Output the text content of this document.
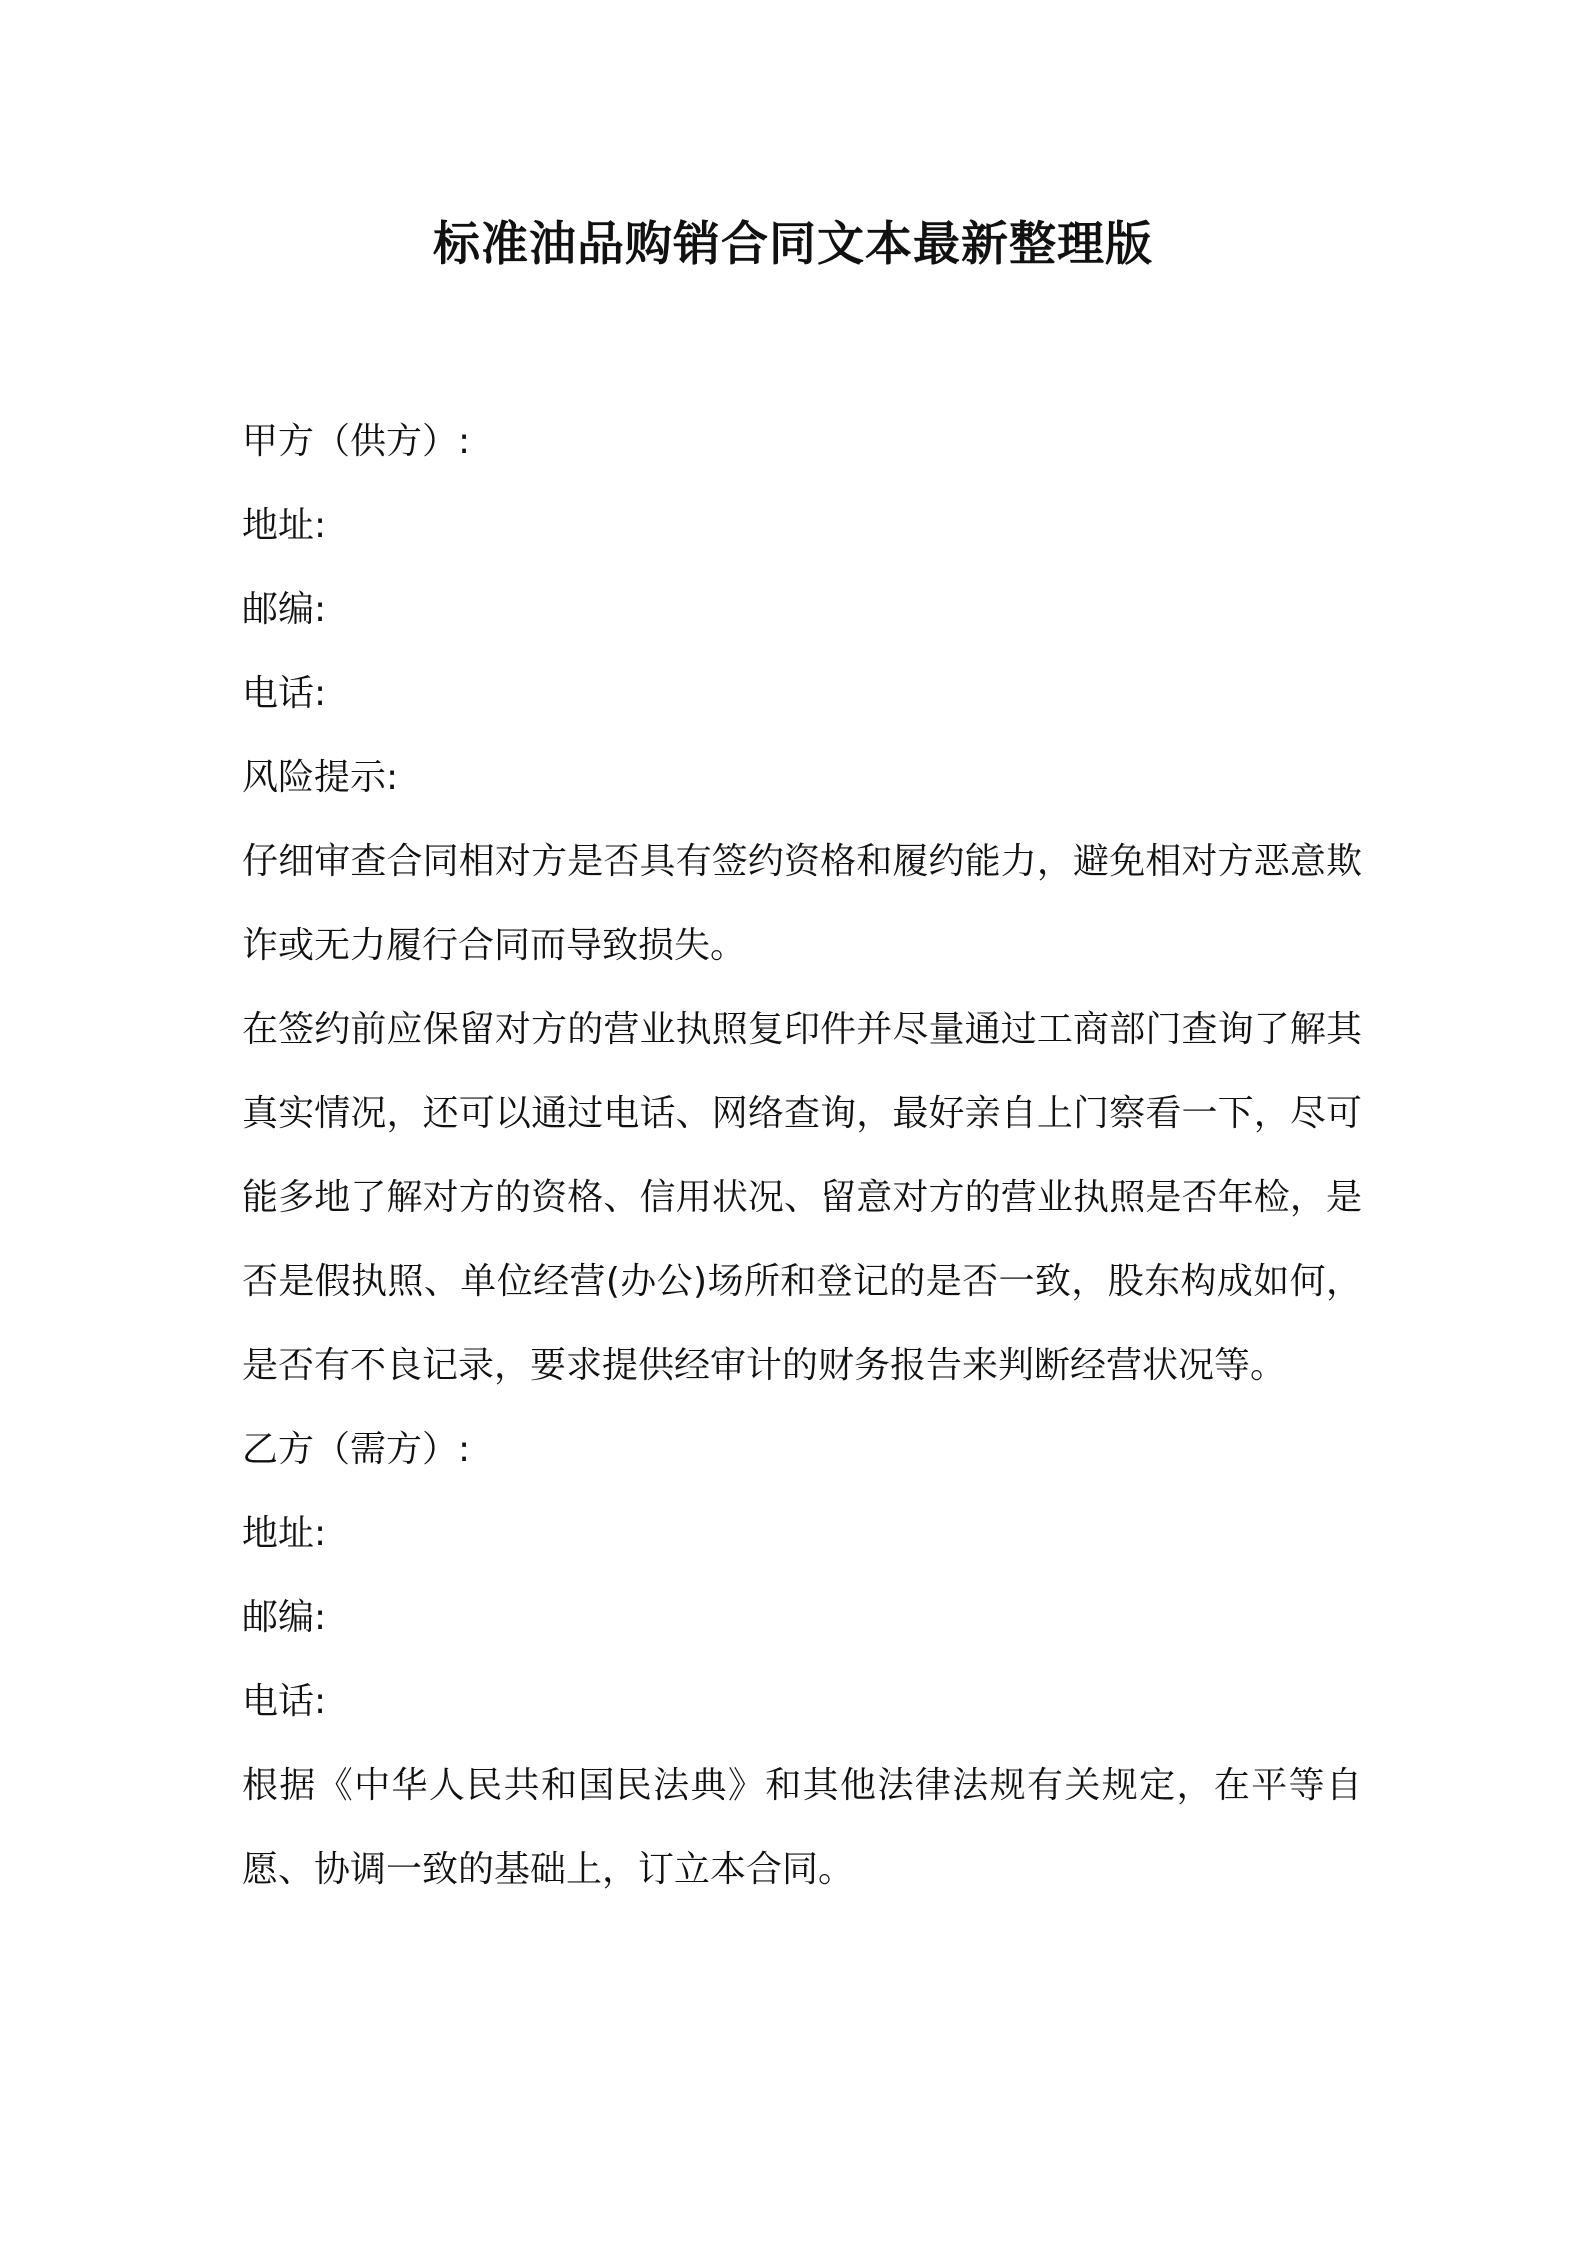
标准油品购销合同文本最新整理版
甲方（供方）:
地址:
邮编:
电话:
风险提示:
仔细审查合同相对方是否具有签约资格和履约能力，避免相对方恶意欺诈或无力履行合同而导致损失。
在签约前应保留对方的营业执照复印件并尽量通过工商部门查询了解其真实情况，还可以通过电话、网络查询，最好亲自上门察看一下，尽可能多地了解对方的资格、信用状况、留意对方的营业执照是否年检，是否是假执照、单位经营(办公)场所和登记的是否一致，股东构成如何，是否有不良记录，要求提供经审计的财务报告来判断经营状况等。
乙方（需方）:
地址:
邮编:
电话:
根据《中华人民共和国民法典》和其他法律法规有关规定，在平等自愿、协调一致的基础上，订立本合同。
